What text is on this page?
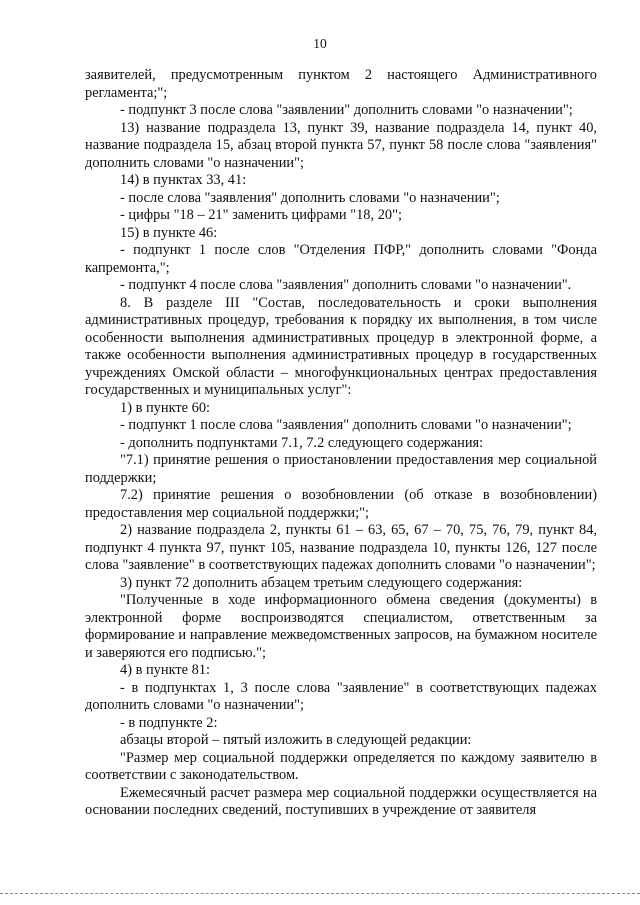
10

заявителей, предусмотренным пунктом 2 настоящего Административного регламента;";

- подпункт 3 после слова "заявлении" дополнить словами "о назначении";

13) название подраздела 13, пункт 39, название подраздела 14, пункт 40, название подраздела 15, абзац второй пункта 57, пункт 58 после слова "заявления" дополнить словами "о назначении";

14) в пунктах 33, 41:

- после слова "заявления" дополнить словами "о назначении";

- цифры "18 – 21" заменить цифрами "18, 20";

15) в пункте 46:

- подпункт 1 после слов "Отделения ПФР," дополнить словами "Фонда капремонта,";

- подпункт 4 после слова "заявления" дополнить словами "о назначении".

8. В разделе III "Состав, последовательность и сроки выполнения административных процедур, требования к порядку их выполнения, в том числе особенности выполнения административных процедур в электронной форме, а также особенности выполнения административных процедур в государственных учреждениях Омской области – многофункциональных центрах предоставления государственных и муниципальных услуг":

1) в пункте 60:

- подпункт 1 после слова "заявления" дополнить словами "о назначении";

- дополнить подпунктами 7.1, 7.2 следующего содержания:

"7.1) принятие решения о приостановлении предоставления мер социальной поддержки;

7.2) принятие решения о возобновлении (об отказе в возобновлении) предоставления мер социальной поддержки;";

2) название подраздела 2, пункты 61 – 63, 65, 67 – 70, 75, 76, 79, пункт 84, подпункт 4 пункта 97, пункт 105, название подраздела 10, пункты 126, 127 после слова "заявление" в соответствующих падежах дополнить словами "о назначении";

3) пункт 72 дополнить абзацем третьим следующего содержания:

"Полученные в ходе информационного обмена сведения (документы) в электронной форме воспроизводятся специалистом, ответственным за формирование и направление межведомственных запросов, на бумажном носителе и заверяются его подписью.";

4) в пункте 81:

- в подпунктах 1, 3 после слова "заявление" в соответствующих падежах дополнить словами "о назначении";

- в подпункте 2:

абзацы второй – пятый изложить в следующей редакции:

"Размер мер социальной поддержки определяется по каждому заявителю в соответствии с законодательством.

Ежемесячный расчет размера мер социальной поддержки осуществляется на основании последних сведений, поступивших в учреждение от заявителя
